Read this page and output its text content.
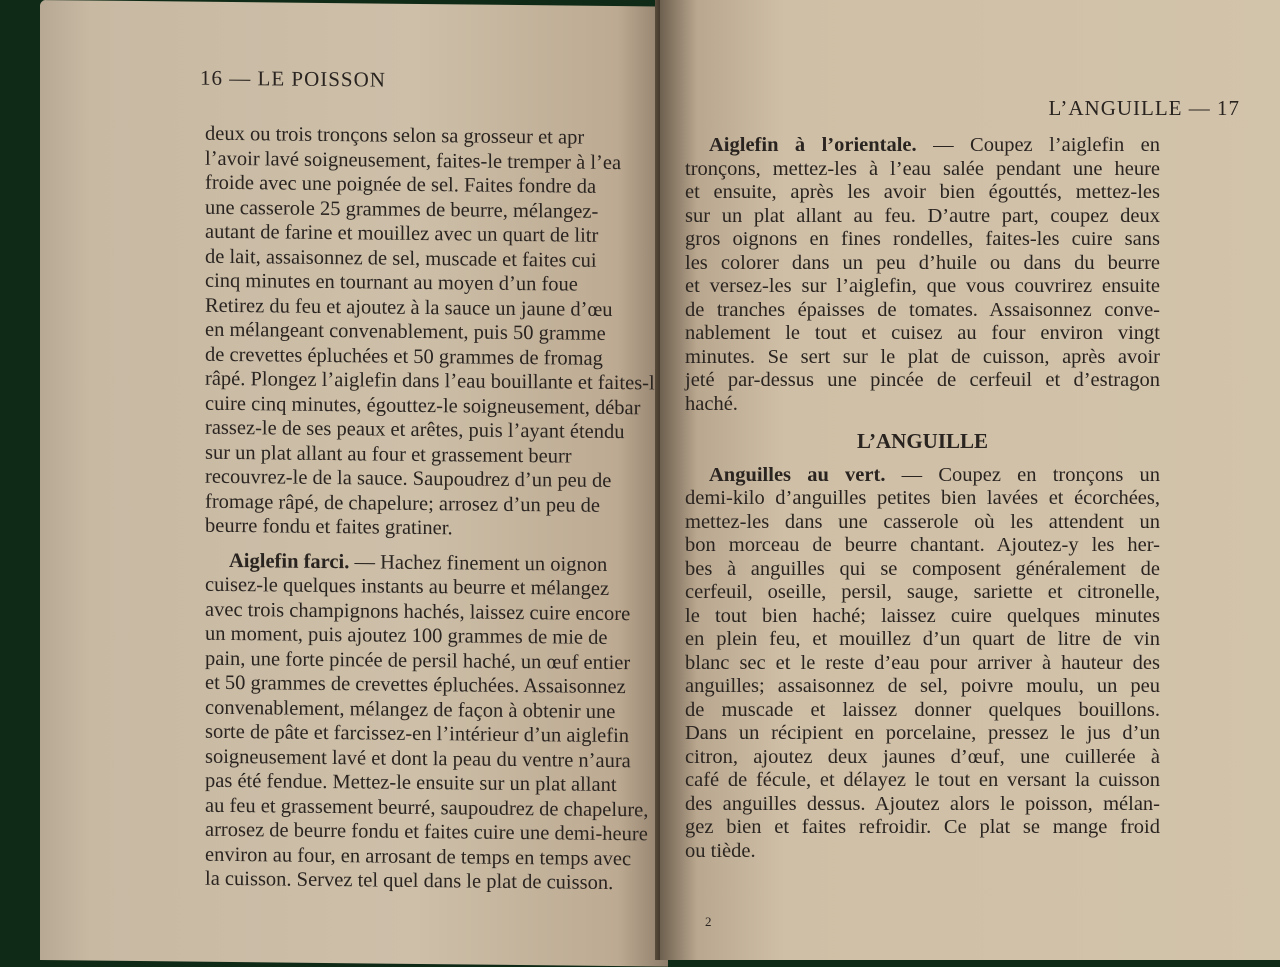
16 — LE POISSON
deux ou trois tronçons selon sa grosseur et apr
l’avoir lavé soigneusement, faites-le tremper à l’ea
froide avec une poignée de sel. Faites fondre da
une casserole 25 grammes de beurre, mélangez-
autant de farine et mouillez avec un quart de litr
de lait, assaisonnez de sel, muscade et faites cui
cinq minutes en tournant au moyen d’un foue
Retirez du feu et ajoutez à la sauce un jaune d’œu
en mélangeant convenablement, puis 50 gramme
de crevettes épluchées et 50 grammes de fromag
râpé. Plongez l’aiglefin dans l’eau bouillante et faites-l
cuire cinq minutes, égouttez-le soigneusement, débar
rassez-le de ses peaux et arêtes, puis l’ayant étendu
sur un plat allant au four et grassement beurr
recouvrez-le de la sauce. Saupoudrez d’un peu de
fromage râpé, de chapelure; arrosez d’un peu de
beurre fondu et faites gratiner.
Aiglefin farci. — Hachez finement un oignon
cuisez-le quelques instants au beurre et mélangez
avec trois champignons hachés, laissez cuire encore
un moment, puis ajoutez 100 grammes de mie de
pain, une forte pincée de persil haché, un œuf entier
et 50 grammes de crevettes épluchées. Assaisonnez
convenablement, mélangez de façon à obtenir une
sorte de pâte et farcissez-en l’intérieur d’un aiglefin
soigneusement lavé et dont la peau du ventre n’aura
pas été fendue. Mettez-le ensuite sur un plat allant
au feu et grassement beurré, saupoudrez de chapelure,
arrosez de beurre fondu et faites cuire une demi-heure
environ au four, en arrosant de temps en temps avec
la cuisson. Servez tel quel dans le plat de cuisson.
L’ANGUILLE — 17
Aiglefin à l’orientale. — Coupez l’aiglefin en
tronçons, mettez-les à l’eau salée pendant une heure
et ensuite, après les avoir bien égouttés, mettez-les
sur un plat allant au feu. D’autre part, coupez deux
gros oignons en fines rondelles, faites-les cuire sans
les colorer dans un peu d’huile ou dans du beurre
et versez-les sur l’aiglefin, que vous couvrirez ensuite
de tranches épaisses de tomates. Assaisonnez conve-
nablement le tout et cuisez au four environ vingt
minutes. Se sert sur le plat de cuisson, après avoir
jeté par-dessus une pincée de cerfeuil et d’estragon
haché.
L’ANGUILLE
Anguilles au vert. — Coupez en tronçons un
demi-kilo d’anguilles petites bien lavées et écorchées,
mettez-les dans une casserole où les attendent un
bon morceau de beurre chantant. Ajoutez-y les her-
bes à anguilles qui se composent généralement de
cerfeuil, oseille, persil, sauge, sariette et citronelle,
le tout bien haché; laissez cuire quelques minutes
en plein feu, et mouillez d’un quart de litre de vin
blanc sec et le reste d’eau pour arriver à hauteur des
anguilles; assaisonnez de sel, poivre moulu, un peu
de muscade et laissez donner quelques bouillons.
Dans un récipient en porcelaine, pressez le jus d’un
citron, ajoutez deux jaunes d’œuf, une cuillerée à
café de fécule, et délayez le tout en versant la cuisson
des anguilles dessus. Ajoutez alors le poisson, mélan-
gez bien et faites refroidir. Ce plat se mange froid
ou tiède.
2
